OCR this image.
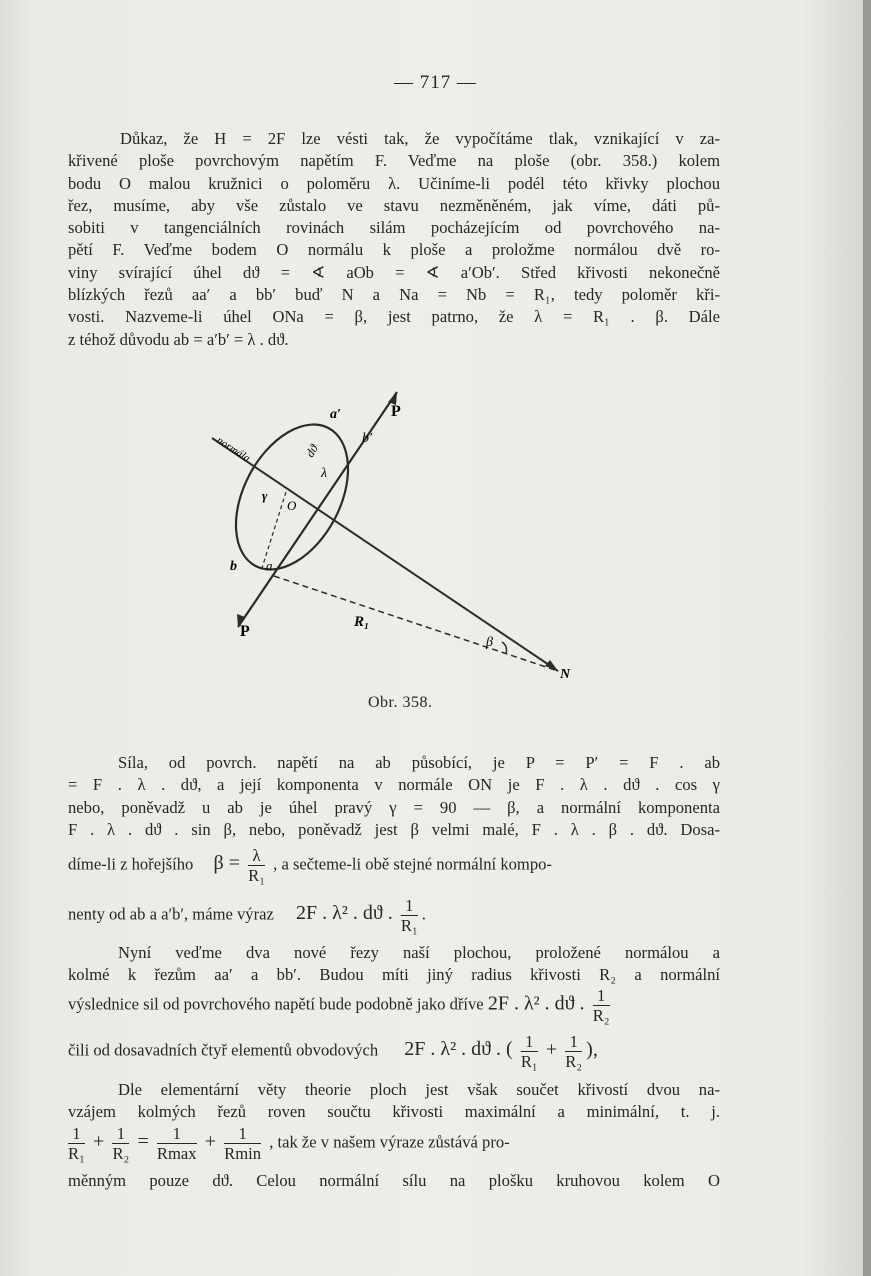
— 717 —
Důkaz, že H = 2F lze vésti tak, že vypočítáme tlak, vznikající v za-
křivené ploše povrchovým napětím F. Veďme na ploše (obr. 358.) kolem
bodu O malou kružnici o poloměru λ. Učiníme-li podél této křivky plochou
řez, musíme, aby vše zůstalo ve stavu nezměněném, jak víme, dáti pů-
sobiti v tangenciálních rovinách silám pocházejícím od povrchového na-
pětí F. Veďme bodem O normálu k ploše a proložme normálou dvě ro-
viny svírající úhel dϑ = ∢ aOb = ∢ a′Ob′. Střed křivosti nekonečně
blízkých řezů aa′ a bb′ buď N a Na = Nb = R₁, tedy poloměr kři-
vosti. Nazveme-li úhel ONa = β, jest patrno, že λ = R₁ . β. Dále
z téhož důvodu ab = a′b′ = λ . dϑ.
normála
P
P
a′
b′
a
b
O
γ
dϑ
λ
R₁
β
N
Obr. 358.
Síla, od povrch. napětí na ab působící, je P = P′ = F . ab
= F . λ . dϑ, a její komponenta v normále ON je F . λ . dϑ . cos γ
nebo, poněvadž u ab je úhel pravý γ = 90 — β, a normální komponenta
F . λ . dϑ . sin β, nebo, poněvadž jest β velmi malé, F . λ . β . dϑ. Dosa-
díme-li z hořejšího $\beta = \frac{\lambda}{\text{R₁}}$ , a sečteme-li obě stejné normální kompo-
nenty od ab a a′b′, máme výraz 2F . λ² . dϑ . $\frac{1}{\text{R₁}}$ .
Nyní veďme dva nové řezy naší plochou, proložené normálou a
kolmé k řezům aa′ a bb′. Budou míti jiný radius křivosti R₂ a normální
výslednice sil od povrchového napětí bude podobně jako dříve 2F . λ² . dϑ . $\frac{1}{\text{R₂}}$
čili od dosavadních čtyř elementů obvodových 2F . λ² . dϑ . ( $\frac{1}{\text{R₁}} + \frac{1}{\text{R₂}}$ ),
Dle elementární věty theorie ploch jest však součet křivostí dvou na-
vzájem kolmých řezů roven součtu křivosti maximální a minimální, t. j.
$\frac{1}{\text{R₁}} + \frac{1}{\text{R₂}} = \frac{1}{Rmax} + \frac{1}{Rmin}$ , tak že v našem výraze zůstává pro-
měnným pouze dϑ. Celou normální sílu na plošku kruhovou kolem O
